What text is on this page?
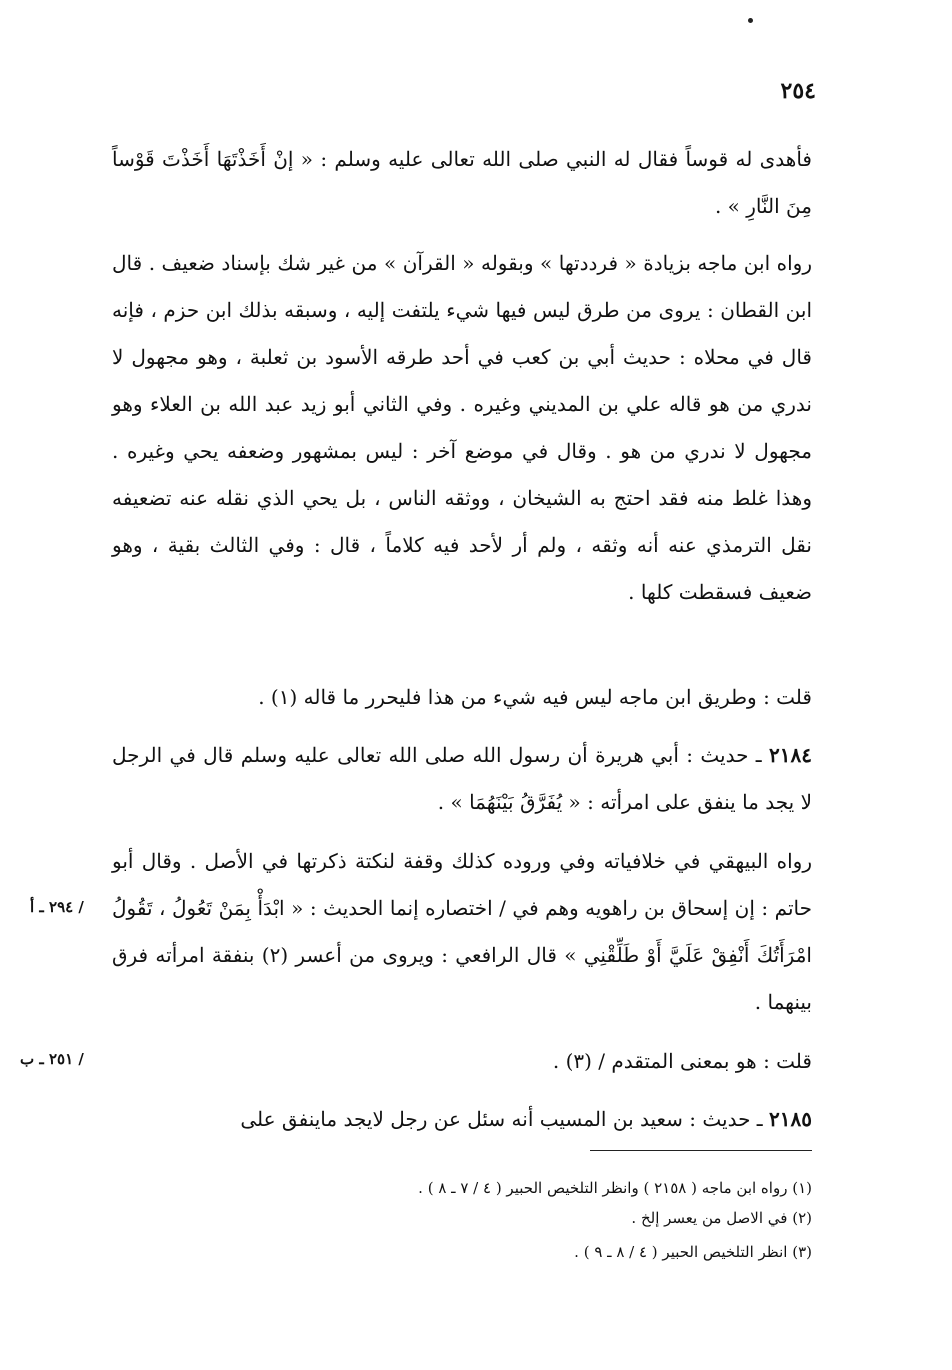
٢٥٤

فأهدى له قوساً فقال له النبي صلى الله تعالى عليه وسلم : « إنْ أَخَذْتَهَا أَخَذْتَ قَوْساً مِنَ النَّارِ » .

رواه ابن ماجه بزيادة « فرددتها » وبقوله « القرآن » من غير شك بإسناد ضعيف . قال ابن القطان : يروى من طرق ليس فيها شيء يلتفت إليه ، وسبقه بذلك ابن حزم ، فإنه قال في محلاه : حديث أبي بن كعب في أحد طرقه الأسود بن ثعلبة ، وهو مجهول لا ندري من هو قاله علي بن المديني وغيره . وفي الثاني أبو زيد عبد الله بن العلاء وهو مجهول لا ندري من هو . وقال في موضع آخر : ليس بمشهور وضعفه يحي وغيره . وهذا غلط منه فقد احتج به الشيخان ، ووثقه الناس ، بل يحي الذي نقله عنه تضعيفه نقل الترمذي عنه أنه وثقه ، ولم أر لأحد فيه كلاماً ، قال : وفي الثالث بقية ، وهو ضعيف فسقطت كلها .

قلت : وطريق ابن ماجه ليس فيه شيء من هذا فليحرر ما قاله (١) .

٢١٨٤ ـ حديث : أبي هريرة أن رسول الله صلى الله تعالى عليه وسلم قال في الرجل لا يجد ما ينفق على امرأته : « يُفَرَّقُ بَيْنَهُمَا » .

رواه البيهقي في خلافياته وفي وروده كذلك وقفة لنكتة ذكرتها في الأصل . وقال أبو حاتم : إن إسحاق بن راهويه وهم في / اختصاره إنما الحديث : « ابْدَأْ بِمَنْ تَعُولُ ، تَقُولُ امْرَأَتُكَ أَنْفِقْ عَلَيَّ أَوْ طَلِّقْنِي » قال الرافعي : ويروى من أعسر (٢) بنفقة امرأته فرق بينهما .

قلت : هو بمعنى المتقدم / (٣) .

٢١٨٥ ـ حديث : سعيد بن المسيب أنه سئل عن رجل لايجد ماينفق على

/ ٢٩٤ ـ أ
/ ٢٥١ ـ ب

(١) رواه ابن ماجه ( ٢١٥٨ ) وانظر التلخيص الحبير ( ٤ / ٧ ـ ٨ ) .

(٢) في الاصل من يعسر إلخ .

(٣) انظر التلخيص الحبير ( ٤ / ٨ ـ ٩ ) .
